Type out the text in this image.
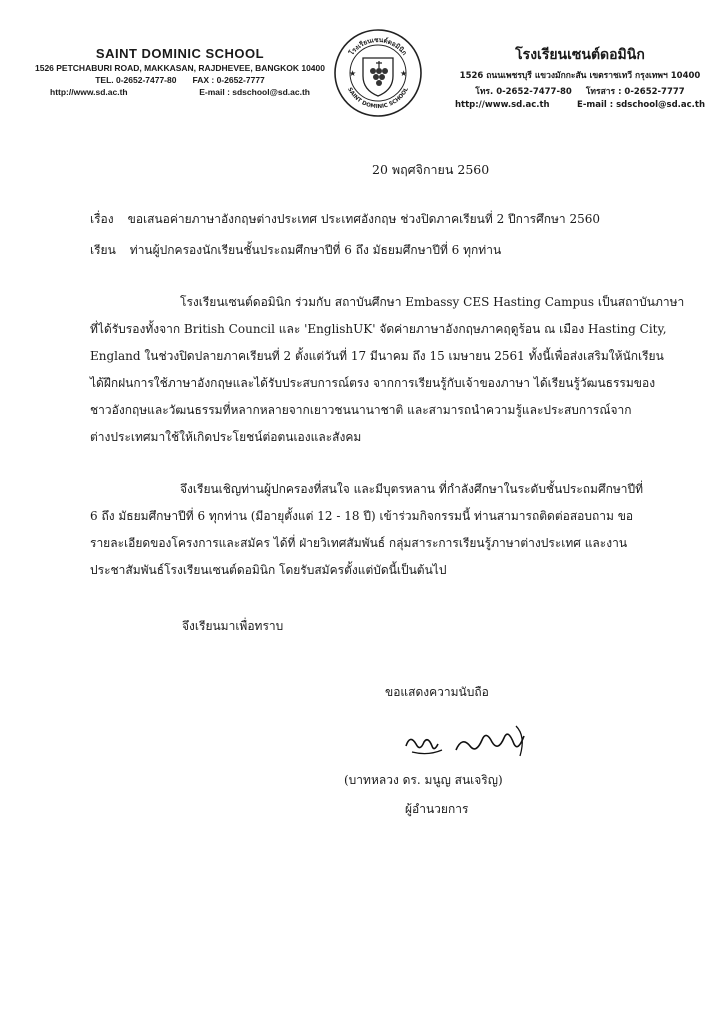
SAINT DOMINIC SCHOOL
1526 PETCHABURI ROAD, MAKKASAN, RAJDHEVEE, BANGKOK 10400
TEL. 0-2652-7477-80 FAX : 0-2652-7777
http://www.sd.ac.th	E-mail : sdschool@sd.ac.th
โรงเรียนเซนต์ดอมินิก
SAINT DOMINIC SCHOOL
★	★
โรงเรียนเซนต์ดอมินิก
1526 ถนนเพชรบุรี แขวงมักกะสัน เขตราชเทวี กรุงเทพฯ 10400
โทร. 0-2652-7477-80 โทรสาร : 0-2652-7777
http://www.sd.ac.th	E-mail : sdschool@sd.ac.th
20 พฤศจิกายน 2560
เรื่อง ขอเสนอค่ายภาษาอังกฤษต่างประเทศ ประเทศอังกฤษ ช่วงปิดภาคเรียนที่ 2 ปีการศึกษา 2560
เรียน ท่านผู้ปกครองนักเรียนชั้นประถมศึกษาปีที่ 6 ถึง มัธยมศึกษาปีที่ 6 ทุกท่าน
โรงเรียนเซนต์ดอมินิก ร่วมกับ สถาบันศึกษา Embassy CES Hasting Campus เป็นสถาบันภาษา
ที่ได้รับรองทั้งจาก British Council และ 'EnglishUK' จัดค่ายภาษาอังกฤษภาคฤดูร้อน ณ เมือง Hasting City,
England ในช่วงปิดปลายภาคเรียนที่ 2 ตั้งแต่วันที่ 17 มีนาคม ถึง 15 เมษายน 2561 ทั้งนี้เพื่อส่งเสริมให้นักเรียน
ได้ฝึกฝนการใช้ภาษาอังกฤษและได้รับประสบการณ์ตรง จากการเรียนรู้กับเจ้าของภาษา ได้เรียนรู้วัฒนธรรมของ
ชาวอังกฤษและวัฒนธรรมที่หลากหลายจากเยาวชนนานาชาติ และสามารถนำความรู้และประสบการณ์จาก
ต่างประเทศมาใช้ให้เกิดประโยชน์ต่อตนเองและสังคม
จึงเรียนเชิญท่านผู้ปกครองที่สนใจ และมีบุตรหลาน ที่กำลังศึกษาในระดับชั้นประถมศึกษาปีที่
6 ถึง มัธยมศึกษาปีที่ 6 ทุกท่าน (มีอายุตั้งแต่ 12 - 18 ปี) เข้าร่วมกิจกรรมนี้ ท่านสามารถติดต่อสอบถาม ขอ
รายละเอียดของโครงการและสมัคร ได้ที่ ฝ่ายวิเทศสัมพันธ์ กลุ่มสาระการเรียนรู้ภาษาต่างประเทศ และงาน
ประชาสัมพันธ์โรงเรียนเซนต์ดอมินิก โดยรับสมัครตั้งแต่บัดนี้เป็นต้นไป
จึงเรียนมาเพื่อทราบ
ขอแสดงความนับถือ
(บาทหลวง ดร. มนูญ สนเจริญ)
ผู้อำนวยการ
